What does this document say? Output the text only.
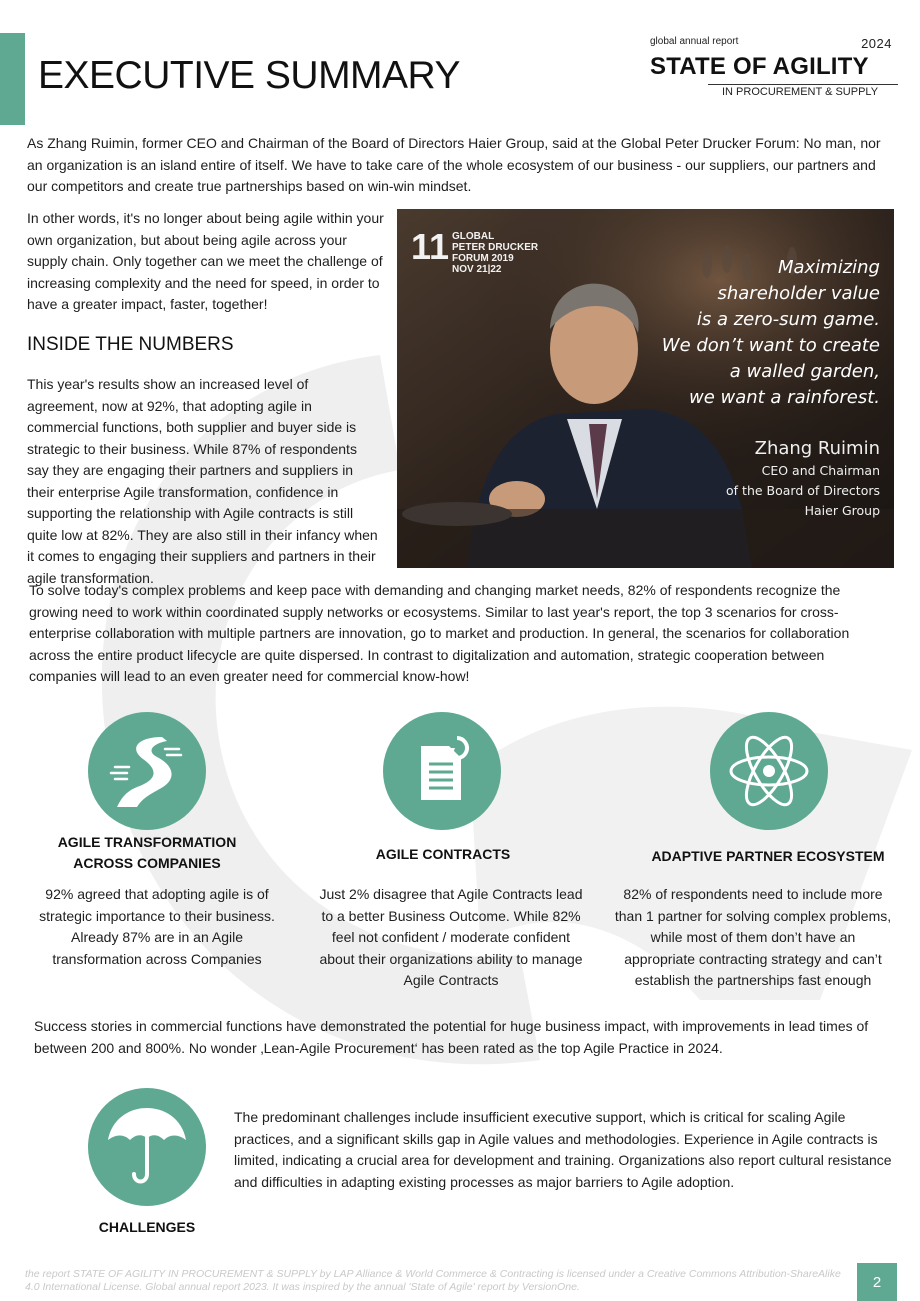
EXECUTIVE SUMMARY
global annual report	2024
STATE OF AGILITY
IN PROCUREMENT & SUPPLY

As Zhang Ruimin, former CEO and Chairman of the Board of Directors Haier Group, said at the Global Peter Drucker Forum: No man, nor an organization is an island entire of itself. We have to take care of the whole ecosystem of our business - our suppliers, our partners and our competitors and create true partnerships based on win-win mindset.

In other words, it's no longer about being agile within your own organization, but about being agile across your supply chain. Only together can we meet the challenge of increasing complexity and the need for speed, in order to have a greater impact, faster, together!

INSIDE THE NUMBERS

This year's results show an increased level of agreement, now at 92%, that adopting agile in commercial functions, both supplier and buyer side is strategic to their business. While 87% of respondents say they are engaging their partners and suppliers in their enterprise Agile transformation, confidence in supporting the relationship with Agile contracts is still quite low at 82%. They are also still in their infancy when it comes to engaging their suppliers and partners in their agile transformation.

11 GLOBAL
PETER DRUCKER
FORUM 2019
NOV 21|22	Maximizing
shareholder value
is a zero-sum game.
We don’t want to create
a walled garden,
we want a rainforest.
Zhang Ruimin
CEO and Chairman
of the Board of Directors
Haier Group

To solve today's complex problems and keep pace with demanding and changing market needs, 82% of respondents recognize the growing need to work within coordinated supply networks or ecosystems. Similar to last year's report, the top 3 scenarios for cross-enterprise collaboration with multiple partners are innovation, go to market and production. In general, the scenarios for collaboration across the entire product lifecycle are quite dispersed. In contrast to digitalization and automation, strategic cooperation between companies will lead to an even greater need for commercial know-how!

AGILE TRANSFORMATION
ACROSS COMPANIES

92% agreed that adopting agile is of strategic importance to their business. Already 87% are in an Agile transformation across Companies

AGILE CONTRACTS

Just 2% disagree that Agile Contracts lead to a better Business Outcome. While 82% feel not confident / moderate confident about their organizations ability to manage Agile Contracts

ADAPTIVE PARTNER ECOSYSTEM

82% of respondents need to include more than 1 partner for solving complex problems, while most of them don’t have an appropriate contracting strategy and can’t establish the partnerships fast enough

Success stories in commercial functions have demonstrated the potential for huge business impact, with improvements in lead times of between 200 and 800%. No wonder ‚Lean-Agile Procurement‘ has been rated as the top Agile Practice in 2024.

CHALLENGES

The predominant challenges include insufficient executive support, which is critical for scaling Agile practices, and a significant skills gap in Agile values and methodologies. Experience in Agile contracts is limited, indicating a crucial area for development and training. Organizations also report cultural resistance and difficulties in adapting existing processes as major barriers to Agile adoption.

the report STATE OF AGILITY IN PROCUREMENT & SUPPLY by LAP Alliance & World Commerce & Contracting is licensed under a Creative Commons Attribution-ShareAlike 4.0 International License. Global annual report 2023. It was inspired by the annual 'State of Agile' report by VersionOne.	2
